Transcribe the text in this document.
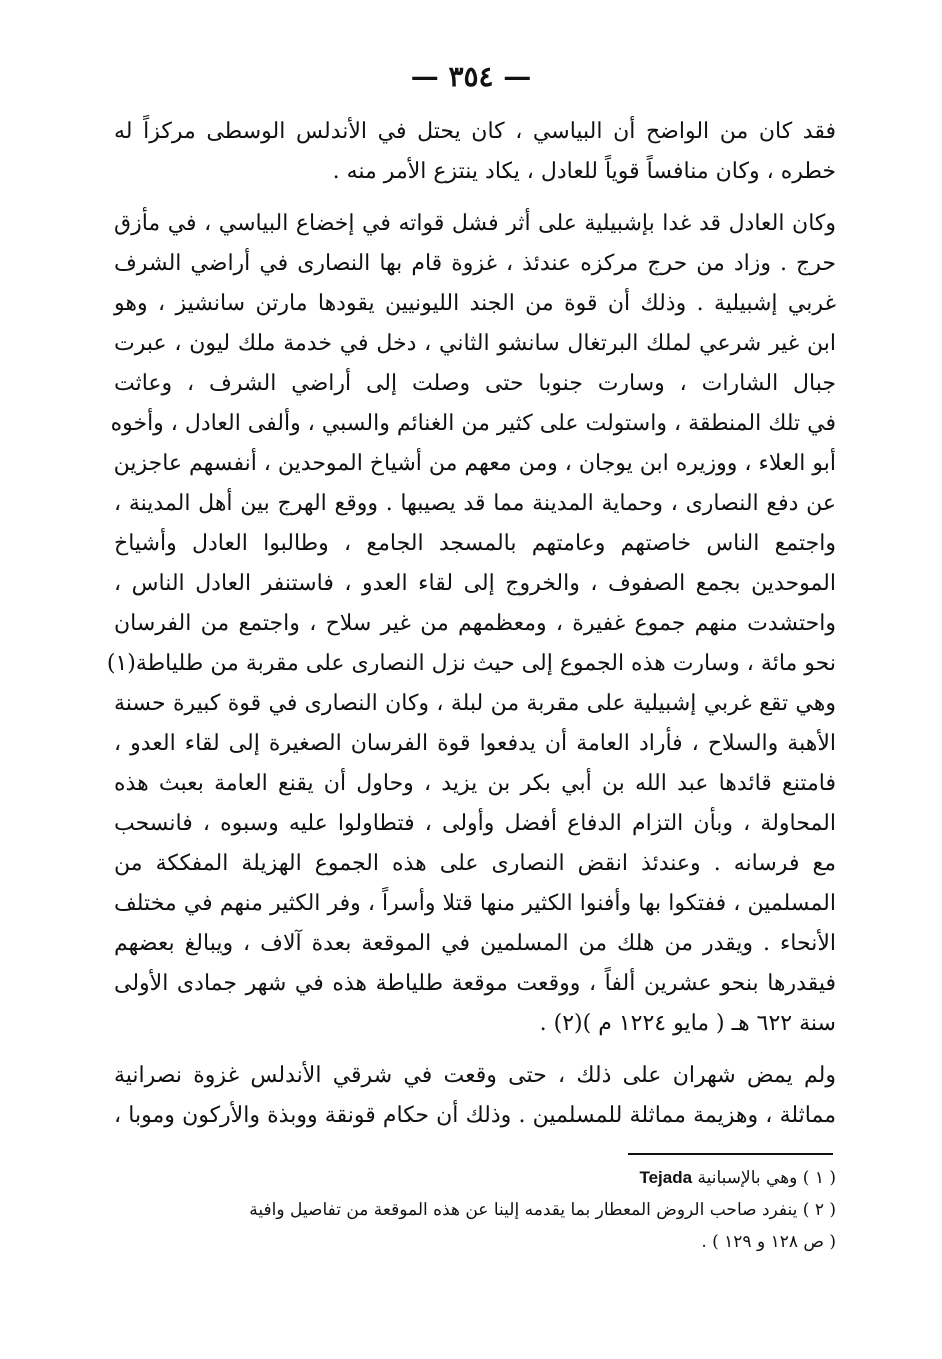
— ٣٥٤ —
فقد كان من الواضح أن البياسي ، كان يحتل في الأندلس الوسطى مركزاً له
خطره ، وكان منافساً قوياً للعادل ، يكاد ينتزع الأمر منه .
وكان العادل قد غدا بإشبيلية على أثر فشل قواته في إخضاع البياسي ، في مأزق
حرج . وزاد من حرج مركزه عندئذ ، غزوة قام بها النصارى في أراضي الشرف
غربي إشبيلية . وذلك أن قوة من الجند الليونيين يقودها مارتن سانشيز ، وهو
ابن غير شرعي لملك البرتغال سانشو الثاني ، دخل في خدمة ملك ليون ، عبرت
جبال الشارات ، وسارت جنوبا حتى وصلت إلى أراضي الشرف ، وعاثت
في تلك المنطقة ، واستولت على كثير من الغنائم والسبي ، وألفى العادل ، وأخوه
أبو العلاء ، ووزيره ابن يوجان ، ومن معهم من أشياخ الموحدين ، أنفسهم عاجزين
عن دفع النصارى ، وحماية المدينة مما قد يصيبها . ووقع الهرج بين أهل المدينة ،
واجتمع الناس خاصتهم وعامتهم بالمسجد الجامع ، وطالبوا العادل وأشياخ
الموحدين بجمع الصفوف ، والخروج إلى لقاء العدو ، فاستنفر العادل الناس ،
واحتشدت منهم جموع غفيرة ، ومعظمهم من غير سلاح ، واجتمع من الفرسان
نحو مائة ، وسارت هذه الجموع إلى حيث نزل النصارى على مقربة من طلياطة(١)
وهي تقع غربي إشبيلية على مقربة من لبلة ، وكان النصارى في قوة كبيرة حسنة
الأهبة والسلاح ، فأراد العامة أن يدفعوا قوة الفرسان الصغيرة إلى لقاء العدو ،
فامتنع قائدها عبد الله بن أبي بكر بن يزيد ، وحاول أن يقنع العامة بعبث هذه
المحاولة ، وبأن التزام الدفاع أفضل وأولى ، فتطاولوا عليه وسبوه ، فانسحب
مع فرسانه . وعندئذ انقض النصارى على هذه الجموع الهزيلة المفككة من
المسلمين ، ففتكوا بها وأفنوا الكثير منها قتلا وأسراً ، وفر الكثير منهم في مختلف
الأنحاء . ويقدر من هلك من المسلمين في الموقعة بعدة آلاف ، ويبالغ بعضهم
فيقدرها بنحو عشرين ألفاً ، ووقعت موقعة طلياطة هذه في شهر جمادى الأولى
سنة ٦٢٢ هـ ( مايو ١٢٢٤ م )(٢) .
ولم يمض شهران على ذلك ، حتى وقعت في شرقي الأندلس غزوة نصرانية
مماثلة ، وهزيمة مماثلة للمسلمين . وذلك أن حكام قونقة ووبذة والأركون وموبا ،
( ١ ) وهي بالإسبانية Tejada
( ٢ ) ينفرد صاحب الروض المعطار بما يقدمه إلينا عن هذه الموقعة من تفاصيل وافية
( ص ١٢٨ و ١٢٩ ) .
